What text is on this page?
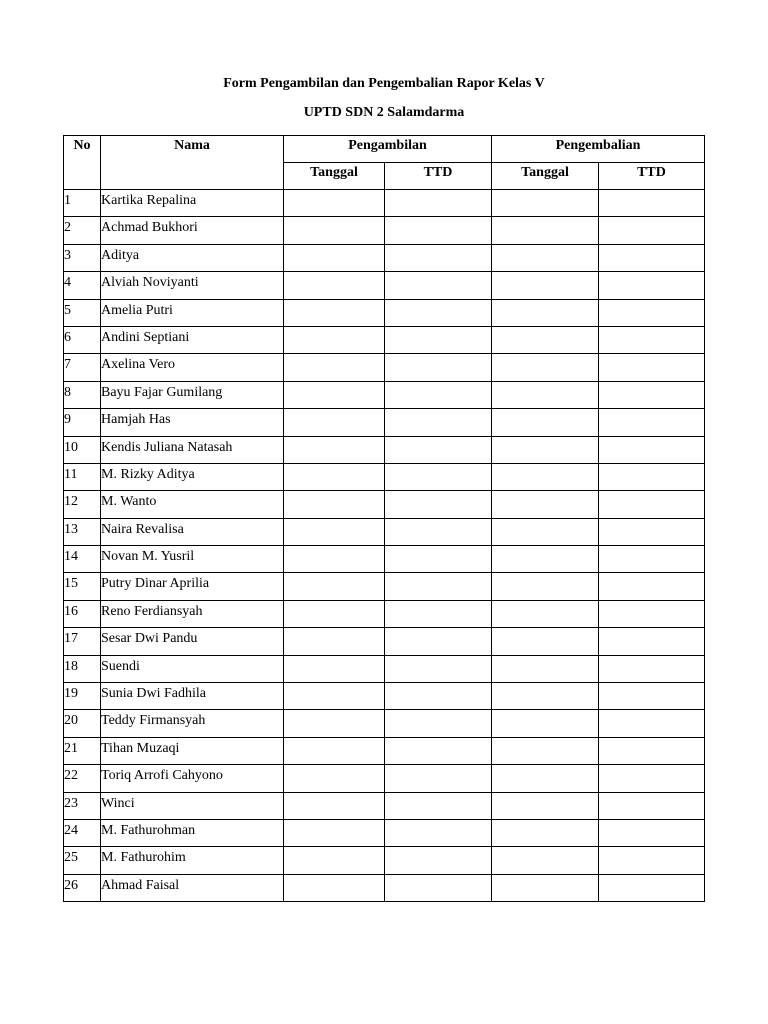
Form Pengambilan dan Pengembalian Rapor Kelas V
UPTD SDN 2 Salamdarma
No	Nama	Pengambilan		Pengembalian	
		Tanggal	TTD	Tanggal	TTD
1	Kartika Repalina				
2	Achmad Bukhori				
3	Aditya				
4	Alviah Noviyanti				
5	Amelia Putri				
6	Andini Septiani				
7	Axelina Vero				
8	Bayu Fajar Gumilang				
9	Hamjah Has				
10	Kendis Juliana Natasah				
11	M. Rizky Aditya				
12	M. Wanto				
13	Naira Revalisa				
14	Novan M. Yusril				
15	Putry Dinar Aprilia				
16	Reno Ferdiansyah				
17	Sesar Dwi Pandu				
18	Suendi				
19	Sunia Dwi Fadhila				
20	Teddy Firmansyah				
21	Tihan Muzaqi				
22	Toriq Arrofi Cahyono				
23	Winci				
24	M. Fathurohman				
25	M. Fathurohim				
26	Ahmad Faisal				
